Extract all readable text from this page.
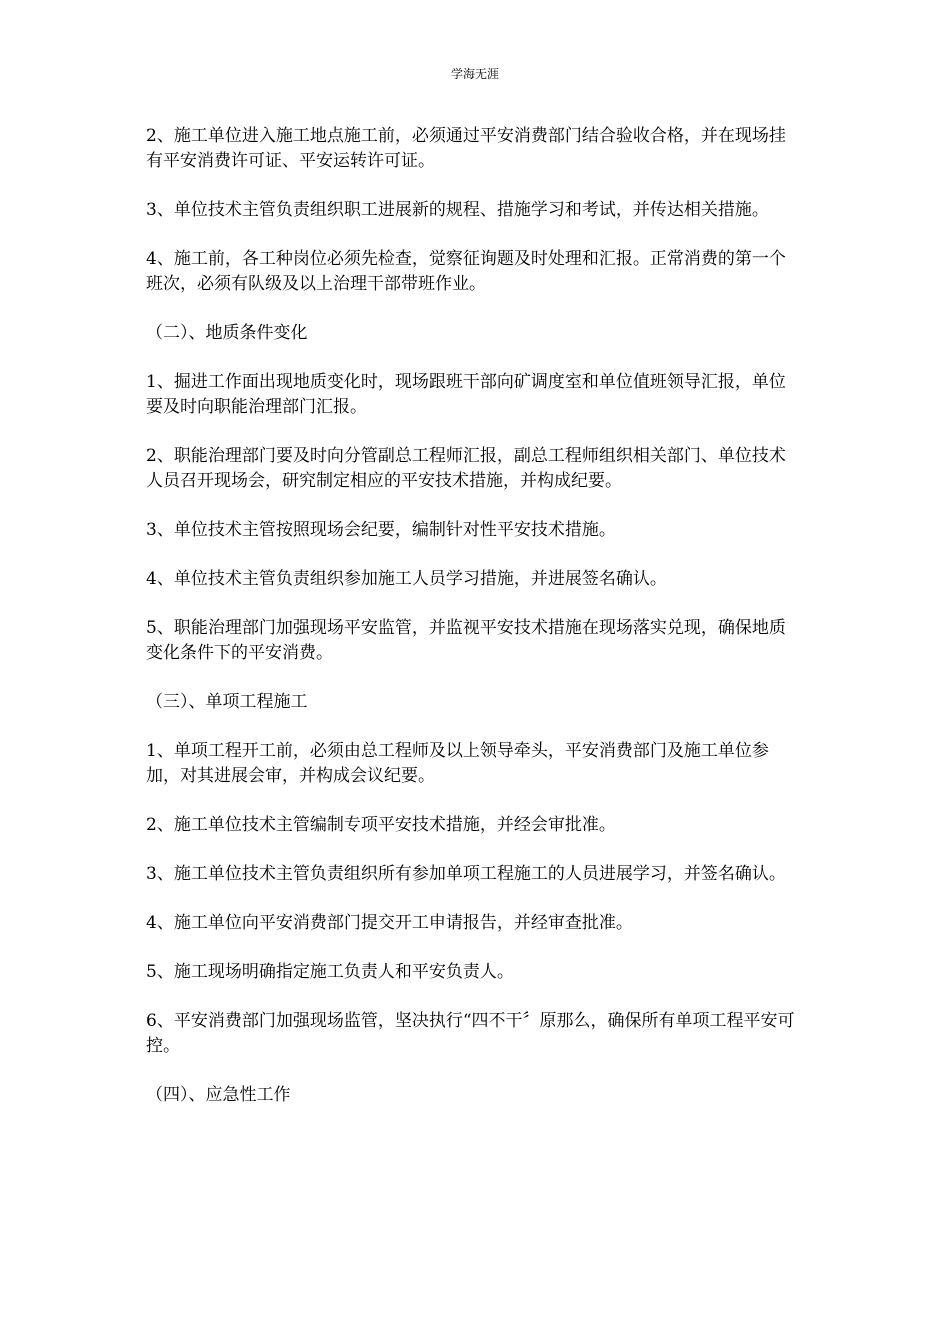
学海无涯

2、施工单位进入施工地点施工前，必须通过平安消费部门结合验收合格，并在现场挂有平安消费许可证、平安运转许可证。

3、单位技术主管负责组织职工进展新的规程、措施学习和考试，并传达相关措施。

4、施工前，各工种岗位必须先检查，觉察征询题及时处理和汇报。正常消费的第一个班次，必须有队级及以上治理干部带班作业。

（二）、地质条件变化

1、掘进工作面出现地质变化时，现场跟班干部向矿调度室和单位值班领导汇报，单位要及时向职能治理部门汇报。

2、职能治理部门要及时向分管副总工程师汇报，副总工程师组织相关部门、单位技术人员召开现场会，研究制定相应的平安技术措施，并构成纪要。

3、单位技术主管按照现场会纪要，编制针对性平安技术措施。

4、单位技术主管负责组织参加施工人员学习措施，并进展签名确认。

5、职能治理部门加强现场平安监管，并监视平安技术措施在现场落实兑现，确保地质变化条件下的平安消费。

（三）、单项工程施工

1、单项工程开工前，必须由总工程师及以上领导牵头，平安消费部门及施工单位参加，对其进展会审，并构成会议纪要。

2、施工单位技术主管编制专项平安技术措施，并经会审批准。

3、施工单位技术主管负责组织所有参加单项工程施工的人员进展学习，并签名确认。

4、施工单位向平安消费部门提交开工申请报告，并经审查批准。

5、施工现场明确指定施工负责人和平安负责人。

6、平安消费部门加强现场监管，坚决执行“四不干〞原那么，确保所有单项工程平安可控。

（四）、应急性工作
